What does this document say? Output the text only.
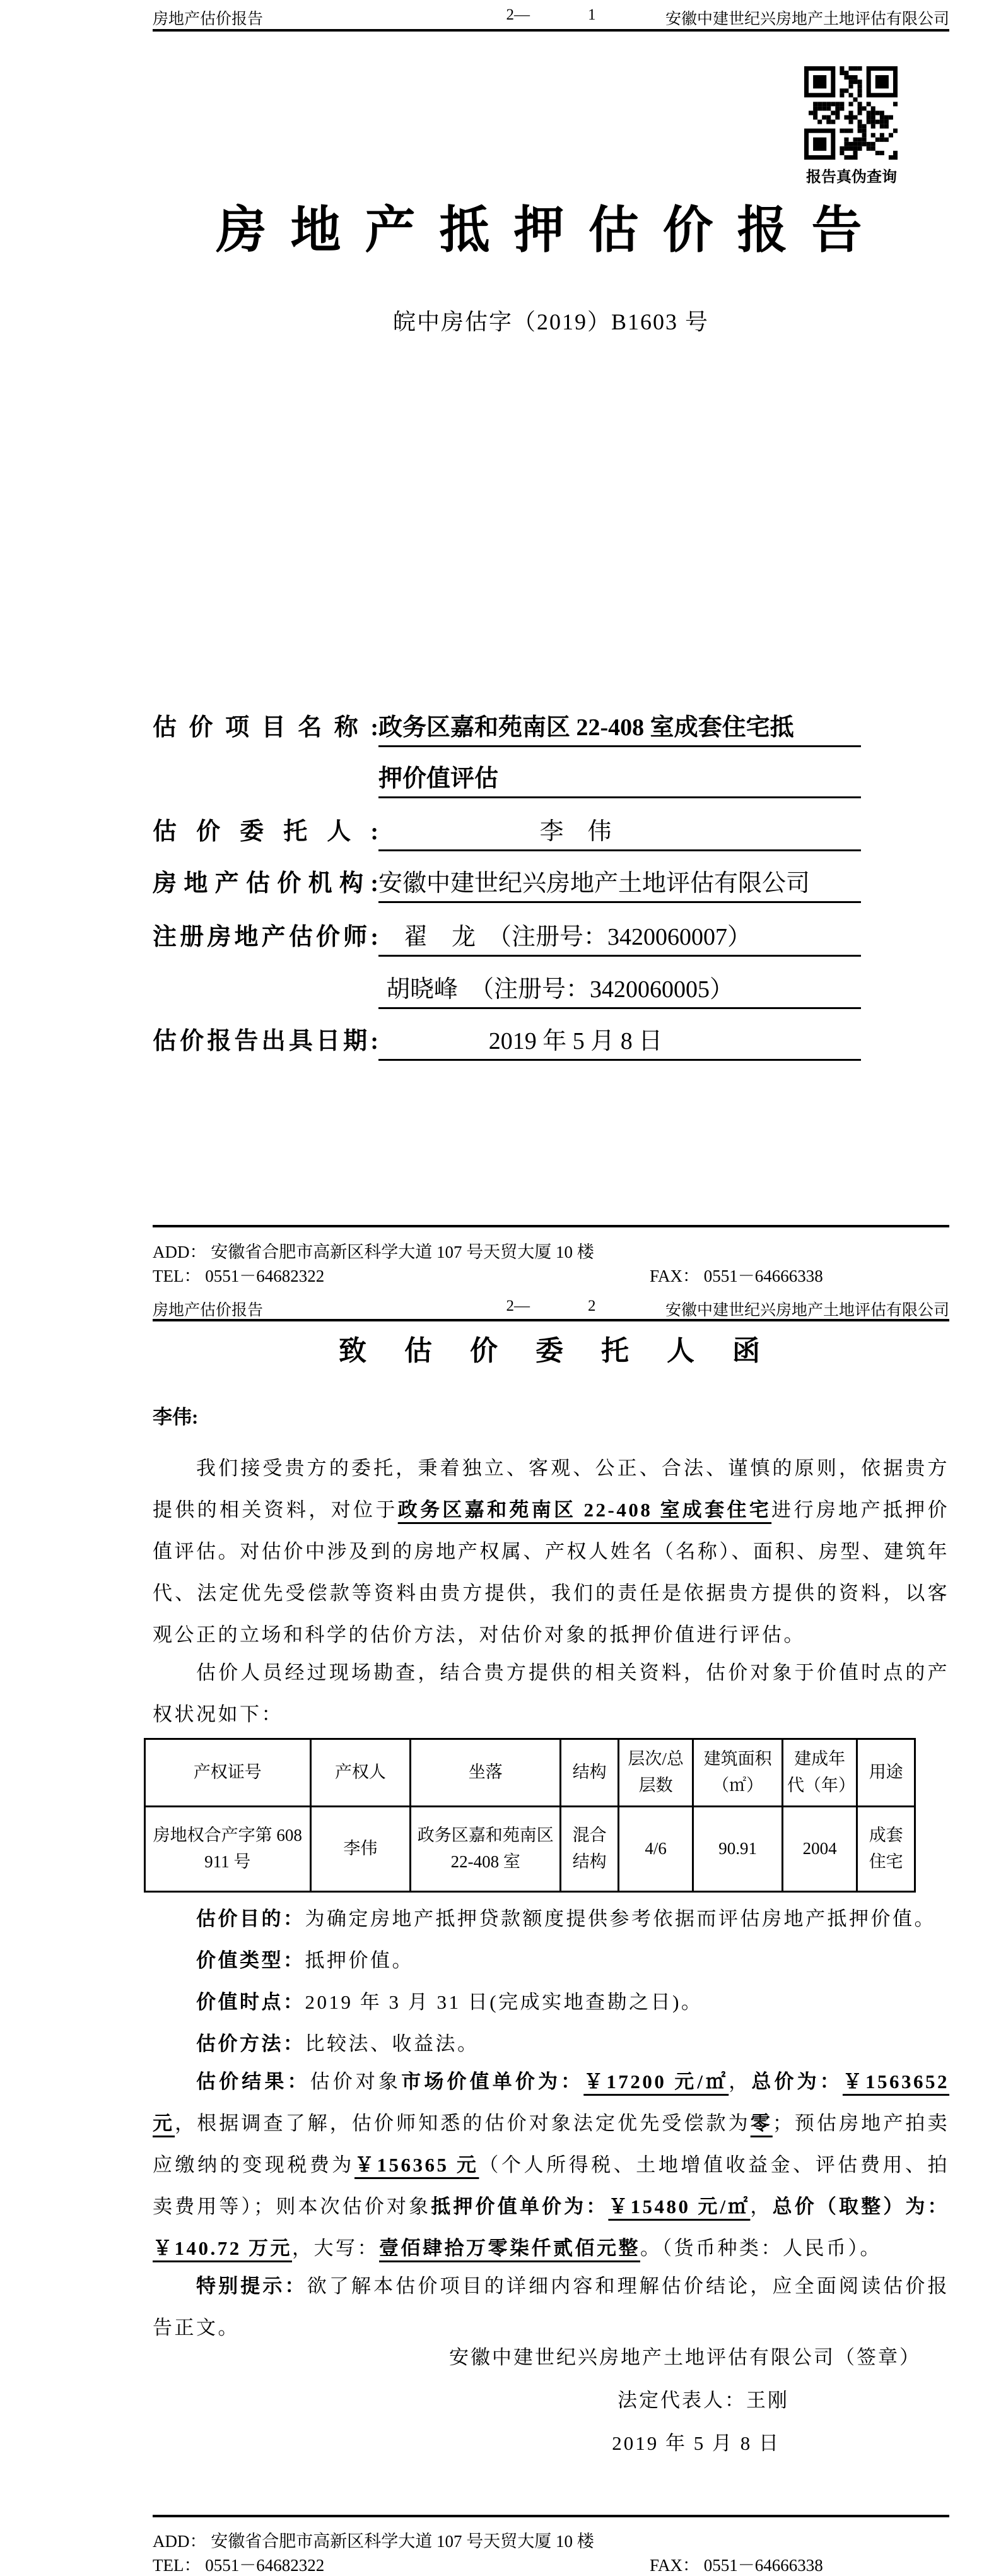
房地产估价报告	2—	1	安徽中建世纪兴房地产土地评估有限公司
报告真伪查询
房地产抵押估价报告
皖中房估字（2019）B1603 号
估价项目名称: 政务区嘉和苑南区 22-408 室成套住宅抵
押价值评估
估价委托人:	李　伟
房地产估价机构: 安徽中建世纪兴房地产土地评估有限公司
注册房地产估价师:	翟　龙　（注册号：3420060007）
胡晓峰　（注册号：3420060005）
估价报告出具日期:	2019 年 5 月 8 日
ADD： 安徽省合肥市高新区科学大道 107 号天贸大厦 10 楼
TEL： 0551－64682322	FAX： 0551－64666338
房地产估价报告	2—	2	安徽中建世纪兴房地产土地评估有限公司
致估价委托人函
李伟:
我们接受贵方的委托，秉着独立、客观、公正、合法、谨慎的原则，依据贵方提供的相关资料，对位于政务区嘉和苑南区 22-408 室成套住宅进行房地产抵押价值评估。对估价中涉及到的房地产权属、产权人姓名（名称）、面积、房型、建筑年代、法定优先受偿款等资料由贵方提供，我们的责任是依据贵方提供的资料，以客观公正的立场和科学的估价方法，对估价对象的抵押价值进行评估。
估价人员经过现场勘查，结合贵方提供的相关资料，估价对象于价值时点的产权状况如下：
产权证号	产权人	坐落	结构	层次/总层数	建筑面积（㎡）	建成年代（年）	用途
房地权合产字第 608911 号	李伟	政务区嘉和苑南区 22-408 室	混合结构	4/6	90.91	2004	成套住宅
估价目的：为确定房地产抵押贷款额度提供参考依据而评估房地产抵押价值。
价值类型：抵押价值。
价值时点：2019 年 3 月 31 日(完成实地查勘之日)。
估价方法：比较法、收益法。
估价结果：估价对象市场价值单价为：￥17200 元/㎡，总价为：￥1563652 元，根据调查了解，估价师知悉的估价对象法定优先受偿款为零；预估房地产拍卖应缴纳的变现税费为￥156365 元（个人所得税、土地增值收益金、评估费用、拍卖费用等）；则本次估价对象抵押价值单价为：￥15480 元/㎡，总价（取整）为：￥140.72 万元，大写：壹佰肆拾万零柒仟贰佰元整。（货币种类：人民币）。
特别提示：欲了解本估价项目的详细内容和理解估价结论，应全面阅读估价报告正文。
安徽中建世纪兴房地产土地评估有限公司（签章）
法定代表人：王刚
2019 年 5 月 8 日
ADD： 安徽省合肥市高新区科学大道 107 号天贸大厦 10 楼
TEL： 0551－64682322	FAX： 0551－64666338
